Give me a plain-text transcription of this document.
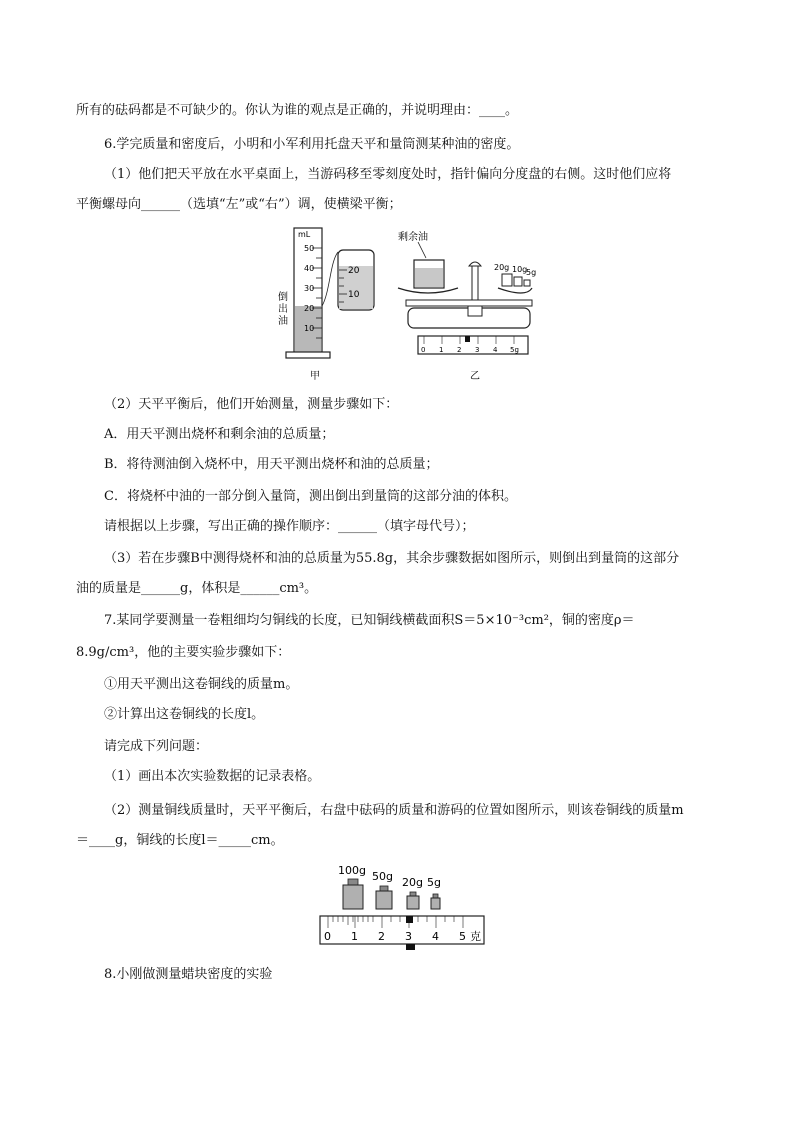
所有的砝码都是不可缺少的。你认为谁的观点是正确的，并说明理由：____。
6.学完质量和密度后，小明和小军利用托盘天平和量筒测某种油的密度。
（1）他们把天平放在水平桌面上，当游码移至零刻度处时，指针偏向分度盘的右侧。这时他们应将
平衡螺母向______（选填“左”或“右”）调，使横梁平衡；
mL
50
40
30
20
10
倒
出
油
20
10
甲
剩余油
20g 10g
5g
0 1 2 3 4 5g
乙
（2）天平平衡后，他们开始测量，测量步骤如下：
A．用天平测出烧杯和剩余油的总质量；
B．将待测油倒入烧杯中，用天平测出烧杯和油的总质量；
C．将烧杯中油的一部分倒入量筒，测出倒出到量筒的这部分油的体积。
请根据以上步骤，写出正确的操作顺序：______（填字母代号）；
（3）若在步骤B中测得烧杯和油的总质量为55.8g，其余步骤数据如图所示，则倒出到量筒的这部分
油的质量是______g，体积是______cm³。
7.某同学要测量一卷粗细均匀铜线的长度，已知铜线横截面积S＝5×10⁻³cm²，铜的密度ρ＝
8.9g/cm³，他的主要实验步骤如下：
①用天平测出这卷铜线的质量m。
②计算出这卷铜线的长度l。
请完成下列问题：
（1）画出本次实验数据的记录表格。
（2）测量铜线质量时，天平平衡后，右盘中砝码的质量和游码的位置如图所示，则该卷铜线的质量m
＝____g，铜线的长度l＝_____cm。
100g 50g 20g 5g
0 1 2 3 4 5 克
8.小刚做测量蜡块密度的实验
